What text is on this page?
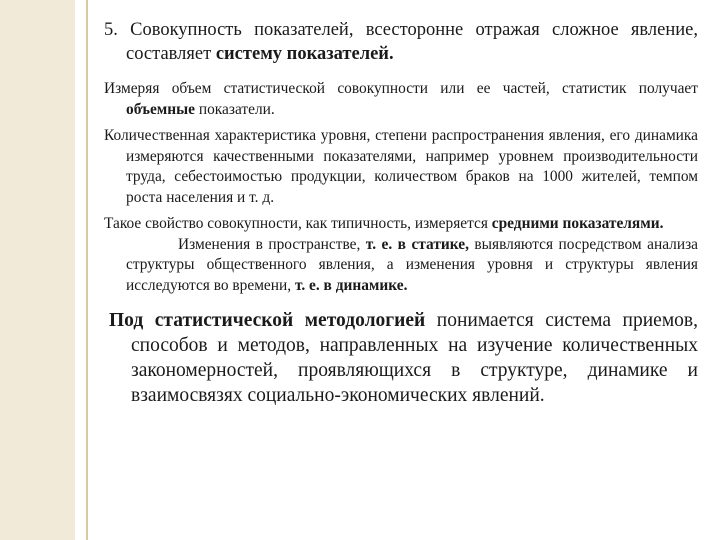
5. Совокупность показателей, всесторонне отражая сложное явление, составляет систему показателей.

Измеряя объем статистической совокупности или ее частей, статистик получает объемные показатели.

Количественная характеристика уровня, степени распространения явления, его динамика измеряются качественными показателями, например уровнем производительности труда, себестоимостью продукции, количеством браков на 1000 жителей, темпом роста населения и т. д.

Такое свойство совокупности, как типичность, измеряется средними показателями.

Изменения в пространстве, т. е. в статике, выявляются посредством анализа структуры общественного явления, а изменения уровня и структуры явления исследуются во времени, т. е. в динамике.

Под статистической методологией понимается система приемов, способов и методов, направленных на изучение количественных закономерностей, проявляющихся в структуре, динамике и взаимосвязях социально-экономических явлений.
